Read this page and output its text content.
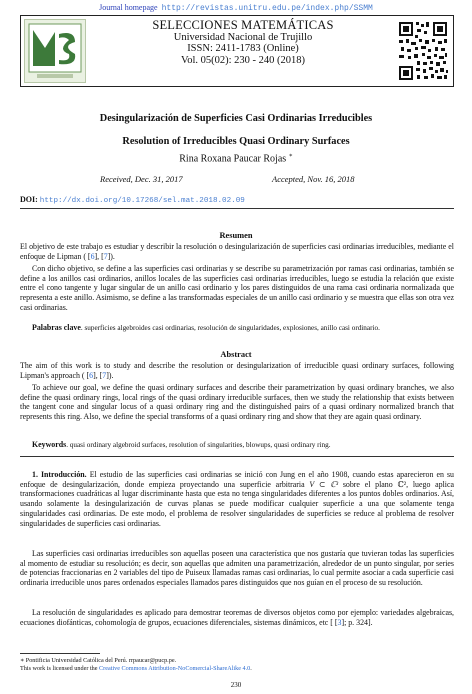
Journal homepage http://revistas.unitru.edu.pe/index.php/SSMM
SELECCIONES MATEMÁTICAS
Universidad Nacional de Trujillo
ISSN: 2411-1783 (Online)
Vol. 05(02): 230 - 240 (2018)
Desingularización de Superficies Casi Ordinarias Irreducibles
Resolution of Irreducibles Quasi Ordinary Surfaces
Rina Roxana Paucar Rojas ∗
Received, Dec. 31, 2017	Accepted, Nov. 16, 2018
DOI: http://dx.doi.org/10.17268/sel.mat.2018.02.09
Resumen
El objetivo de este trabajo es estudiar y describir la resolución o desingularización de superficies casi ordinarias irreducibles, mediante el enfoque de Lipman ( [6], [7]).
Con dicho objetivo, se define a las superficies casi ordinarias y se describe su parametrización por ramas casi ordinarias, también se define a los anillos casi ordinarios, anillos locales de las superficies casi ordinarias irreducibles, luego se estudia la relación que existe entre el cono tangente y lugar singular de un anillo casi ordinario y los pares distinguidos de una rama casi ordinaria normalizada que representa a este anillo. Asimismo, se define a las transformadas especiales de un anillo casi ordinario y se muestra que ellas son otra vez casi ordinarias.
Palabras clave. superficies algebroides casi ordinarias, resolución de singularidades, explosiones, anillo casi ordinario.
Abstract
The aim of this work is to study and describe the resolution or desingularization of irreducible quasi ordinary surfaces, following Lipman's approach ( [6], [7]).
To achieve our goal, we define the quasi ordinary surfaces and describe their parametrization by quasi ordinary branches, we also define the quasi ordinary rings, local rings of the quasi ordinary irreducible surfaces, then we study the relationship that exists between the tangent cone and singular locus of a quasi ordinary ring and the distinguished pairs of a quasi ordinary normalized branch that represents this ring. Also, we define the special transforms of a quasi ordinary ring and show that they are again quasi ordinary.
Keywords. quasi ordinary algebroid surfaces, resolution of singularities, blowups, quasi ordinary ring.
1. Introducción. El estudio de las superficies casi ordinarias se inició con Jung en el año 1908, cuando estas aparecieron en su enfoque de desingularización, donde empieza proyectando una superficie arbitraria V ⊂ ℂ³ sobre el plano ℂ², luego aplica transformaciones cuadráticas al lugar discriminante hasta que esta no tenga singularidades diferentes a los puntos dobles ordinarios. Así, usando solamente la desingularización de curvas planas se puede modificar cualquier superficie a una que solamente tenga singularidades casi ordinarias. De este modo, el problema de resolver singularidades de superficies se reduce al problema de resolver singularidades de superficies casi ordinarias.
Las superficies casi ordinarias irreducibles son aquellas poseen una característica que nos gustaría que tuvieran todas las superficies al momento de estudiar su resolución; es decir, son aquellas que admiten una parametrización, alrededor de un punto singular, por series de potencias fraccionarias en 2 variables del tipo de Puiseux llamadas ramas casi ordinarias, lo cual permite asociar a cada superficie casi ordinaria irreducible unos pares ordenados especiales llamados pares distinguidos que nos guían en el proceso de su resolución.
La resolución de singularidades es aplicado para demostrar teoremas de diversos objetos como por ejemplo: variedades algebraicas, ecuaciones diofánticas, cohomología de grupos, ecuaciones diferenciales, sistemas dinámicos, etc [ [3]; p. 324].
∗ Pontificia Universidad Católica del Perú. rrpaucar@pucp.pe.
This work is licensed under the Creative Commons Attribution-NoComercial-ShareAlike 4.0.
230
